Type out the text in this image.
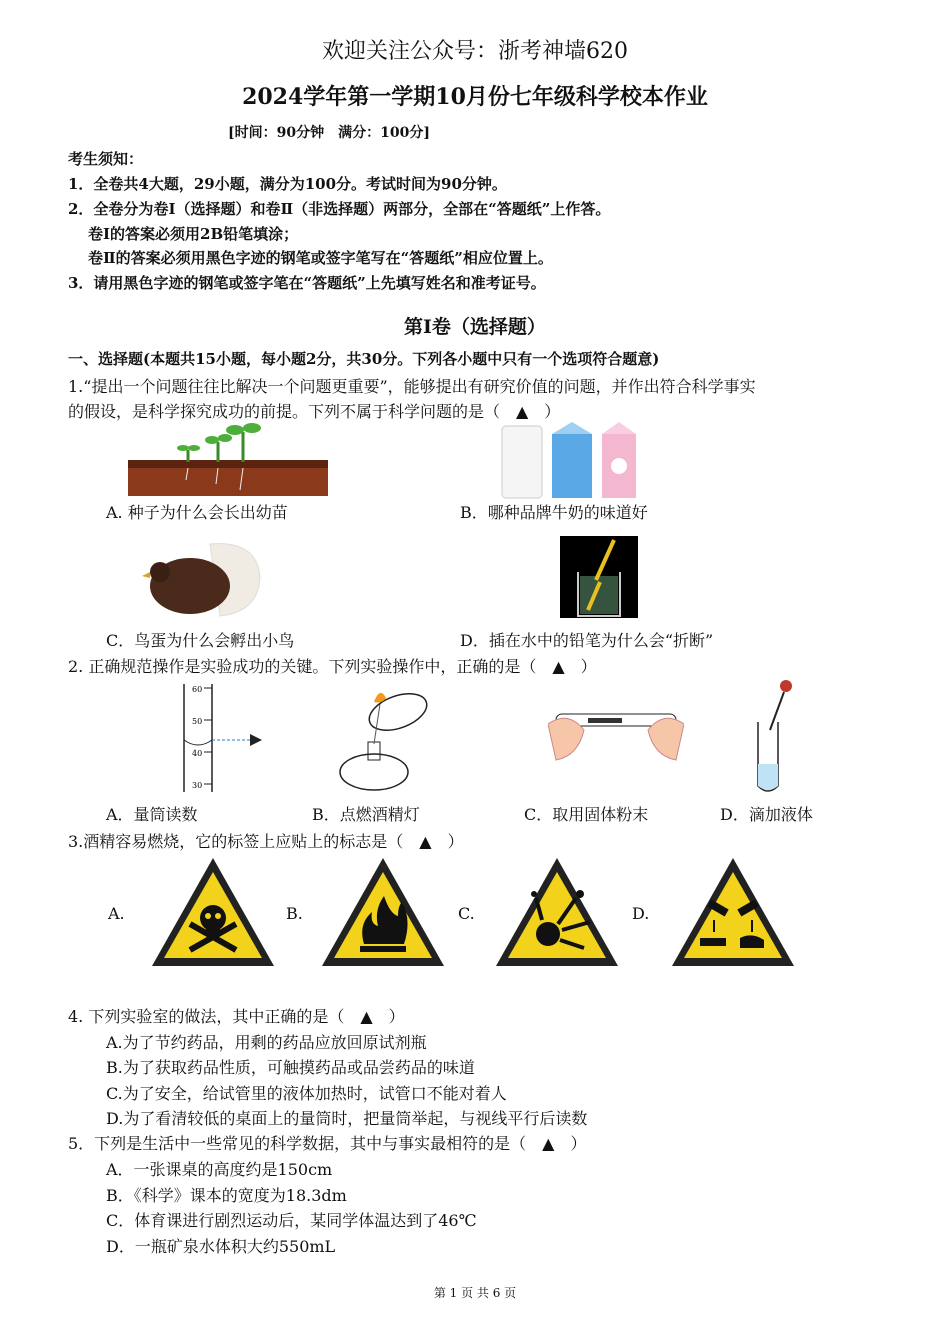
欢迎关注公众号：浙考神墙620
2024学年第一学期10月份七年级科学校本作业
[时间：90分钟　满分：100分]
考生须知：
1．全卷共4大题，29小题，满分为100分。考试时间为90分钟。
2．全卷分为卷Ⅰ（选择题）和卷Ⅱ（非选择题）两部分，全部在“答题纸”上作答。
卷Ⅰ的答案必须用2B铅笔填涂；
卷Ⅱ的答案必须用黑色字迹的钢笔或签字笔写在“答题纸”相应位置上。
3．请用黑色字迹的钢笔或签字笔在“答题纸”上先填写姓名和准考证号。
第Ⅰ卷（选择题）
一、选择题(本题共15小题，每小题2分，共30分。下列各小题中只有一个选项符合题意)
1.“提出一个问题往往比解决一个问题更重要”，能够提出有研究价值的问题，并作出符合科学事实
的假设，是科学探究成功的前提。下列不属于科学问题的是（　▲　）
A. 种子为什么会长出幼苗	B．哪种品牌牛奶的味道好
C．鸟蛋为什么会孵出小鸟	D．插在水中的铅笔为什么会“折断”
2. 正确规范操作是实验成功的关键。下列实验操作中，正确的是（　▲　）
60
50
40
30
A．量筒读数	B．点燃酒精灯	C．取用固体粉末	D．滴加液体
3.酒精容易燃烧，它的标签上应贴上的标志是（　▲　）
A.	B.	C.	D.
4. 下列实验室的做法，其中正确的是（　▲　）
A.为了节约药品，用剩的药品应放回原试剂瓶
B.为了获取药品性质，可触摸药品或品尝药品的味道
C.为了安全，给试管里的液体加热时，试管口不能对着人
D.为了看清较低的桌面上的量筒时，把量筒举起，与视线平行后读数
5．下列是生活中一些常见的科学数据，其中与事实最相符的是（　▲　）
A．一张课桌的高度约是150cm
B．《科学》课本的宽度为18.3dm
C．体育课进行剧烈运动后，某同学体温达到了46℃
D．一瓶矿泉水体积大约550mL
第 1 页 共 6 页
